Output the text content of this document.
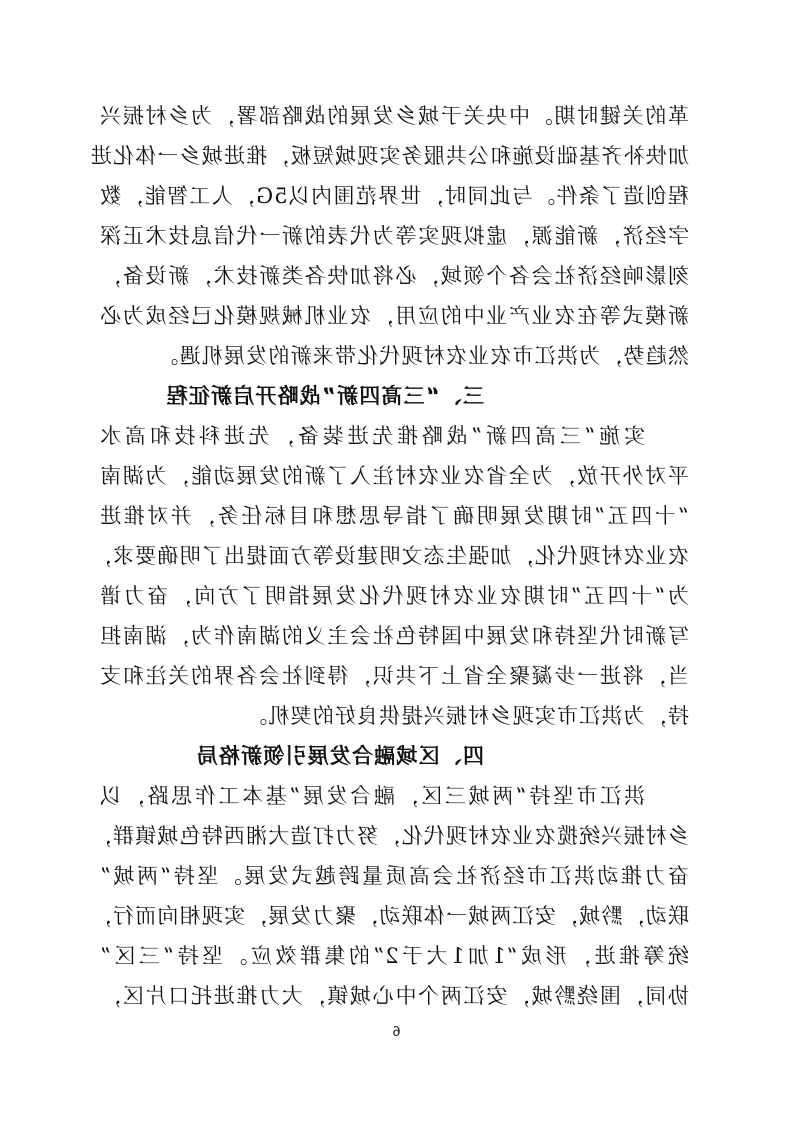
革的关键时期。中央关于城乡发展的战略部署，为乡村振兴
加快补齐基础设施和公共服务实现城短板，推进城乡一体化进
程创造了条件。与此同时，世界范围内以5G，人工智能，数
字经济，新能源，虚拟现实等为代表的新一代信息技术正深
刻影响经济社会各个领域，必将加快各类新技术，新设备，
新模式等在农业产业中的应用，农业机械规模化已经成为必
然趋势，为洪江市农业农村现代化带来新的发展机遇。
三、“三高四新”战略开启新征程
实施“三高四新”战略推先进装备，先进科技和高水
平对外开放，为全省农业农村注入了新的发展动能，为湖南
“十四五”时期发展明确了指导思想和目标任务，并对推进
农业农村现代化，加强生态文明建设等方面提出了明确要求，
为“十四五”时期农业农村现代化发展指明了方向，奋力谱
写新时代坚持和发展中国特色社会主义的湖南作为，湖南担
当，将进一步凝聚全省上下共识，得到社会各界的关注和支
持，为洪江市实现乡村振兴提供良好的契机。
四、区域融合发展引领新格局
洪江市坚持“两城三区，融合发展”基本工作思路，以
乡村振兴统揽农业农村现代化，努力打造大湘西特色城镇群，
奋力推动洪江市经济社会高质量跨越式发展。坚持“两城”
联动，黔城，安江两城一体联动，聚力发展，实现相向而行，
统筹推进，形成“1加1大于2”的集群效应。坚持“三区”
协同，围绕黔城，安江两个中心城镇，大力推进托口片区，
6
